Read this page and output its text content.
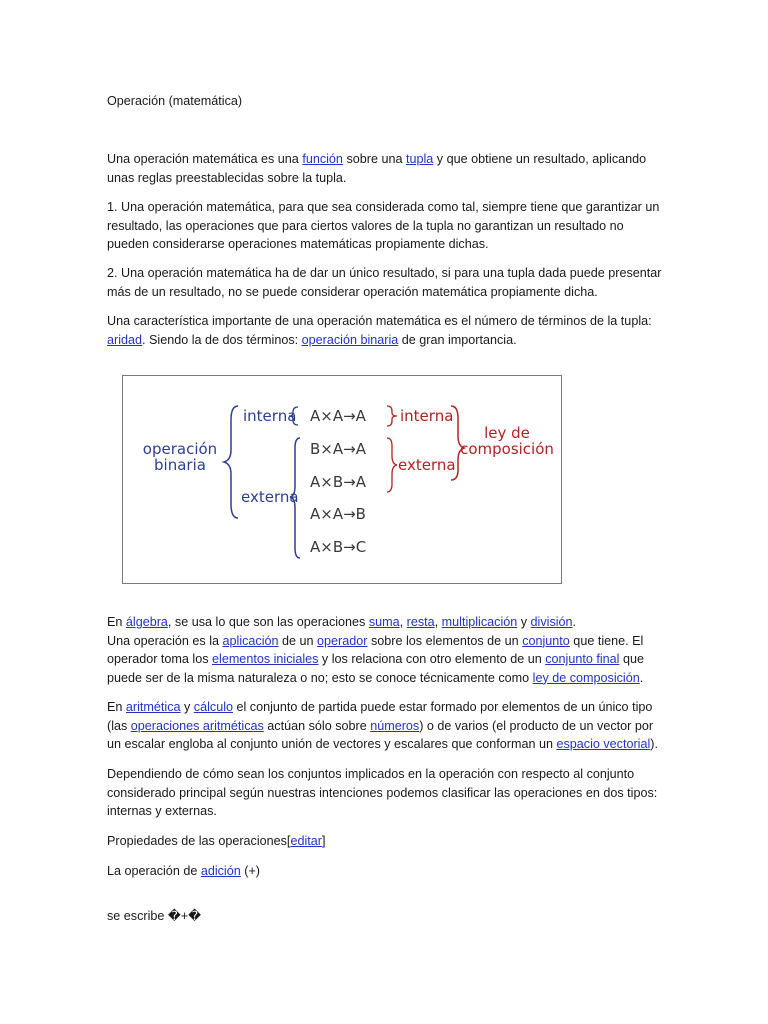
Operación (matemática)

Una operación matemática es una función sobre una tupla y que obtiene un resultado, aplicando unas reglas preestablecidas sobre la tupla.

1. Una operación matemática, para que sea considerada como tal, siempre tiene que garantizar un resultado, las operaciones que para ciertos valores de la tupla no garantizan un resultado no pueden considerarse operaciones matemáticas propiamente dichas.

2. Una operación matemática ha de dar un único resultado, si para una tupla dada puede presentar más de un resultado, no se puede considerar operación matemática propiamente dicha.

Una característica importante de una operación matemática es el número de términos de la tupla: aridad. Siendo la de dos términos: operación binaria de gran importancia.

operación
binaria
interna
externa
A×A→A
B×A→A
A×B→A
A×A→B
A×B→C
interna
externa
ley de
composición

En álgebra, se usa lo que son las operaciones suma, resta, multiplicación y división.

Una operación es la aplicación de un operador sobre los elementos de un conjunto que tiene. El operador toma los elementos iniciales y los relaciona con otro elemento de un conjunto final que puede ser de la misma naturaleza o no; esto se conoce técnicamente como ley de composición.

En aritmética y cálculo el conjunto de partida puede estar formado por elementos de un único tipo (las operaciones aritméticas actúan sólo sobre números) o de varios (el producto de un vector por un escalar engloba al conjunto unión de vectores y escalares que conforman un espacio vectorial).

Dependiendo de cómo sean los conjuntos implicados en la operación con respecto al conjunto considerado principal según nuestras intenciones podemos clasificar las operaciones en dos tipos: internas y externas.

Propiedades de las operaciones[editar]

La operación de adición (+)

se escribe �+�
